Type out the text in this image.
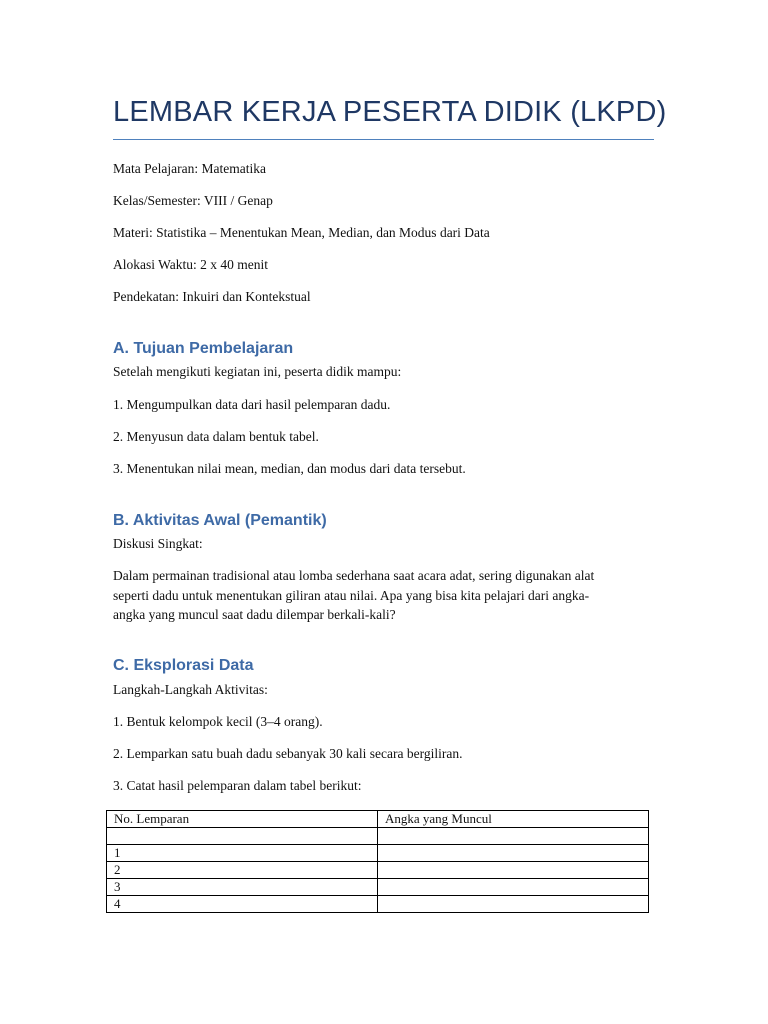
LEMBAR KERJA PESERTA DIDIK (LKPD)
Mata Pelajaran: Matematika
Kelas/Semester: VIII / Genap
Materi: Statistika – Menentukan Mean, Median, dan Modus dari Data
Alokasi Waktu: 2 x 40 menit
Pendekatan: Inkuiri dan Kontekstual
A. Tujuan Pembelajaran
Setelah mengikuti kegiatan ini, peserta didik mampu:
1. Mengumpulkan data dari hasil pelemparan dadu.
2. Menyusun data dalam bentuk tabel.
3. Menentukan nilai mean, median, dan modus dari data tersebut.
B. Aktivitas Awal (Pemantik)
Diskusi Singkat:
Dalam permainan tradisional atau lomba sederhana saat acara adat, sering digunakan alat
seperti dadu untuk menentukan giliran atau nilai. Apa yang bisa kita pelajari dari angka-
angka yang muncul saat dadu dilempar berkali-kali?
C. Eksplorasi Data
Langkah-Langkah Aktivitas:
1. Bentuk kelompok kecil (3–4 orang).
2. Lemparkan satu buah dadu sebanyak 30 kali secara bergiliran.
3. Catat hasil pelemparan dalam tabel berikut:
No. Lemparan	Angka yang Muncul

1	
2	
3	
4	
